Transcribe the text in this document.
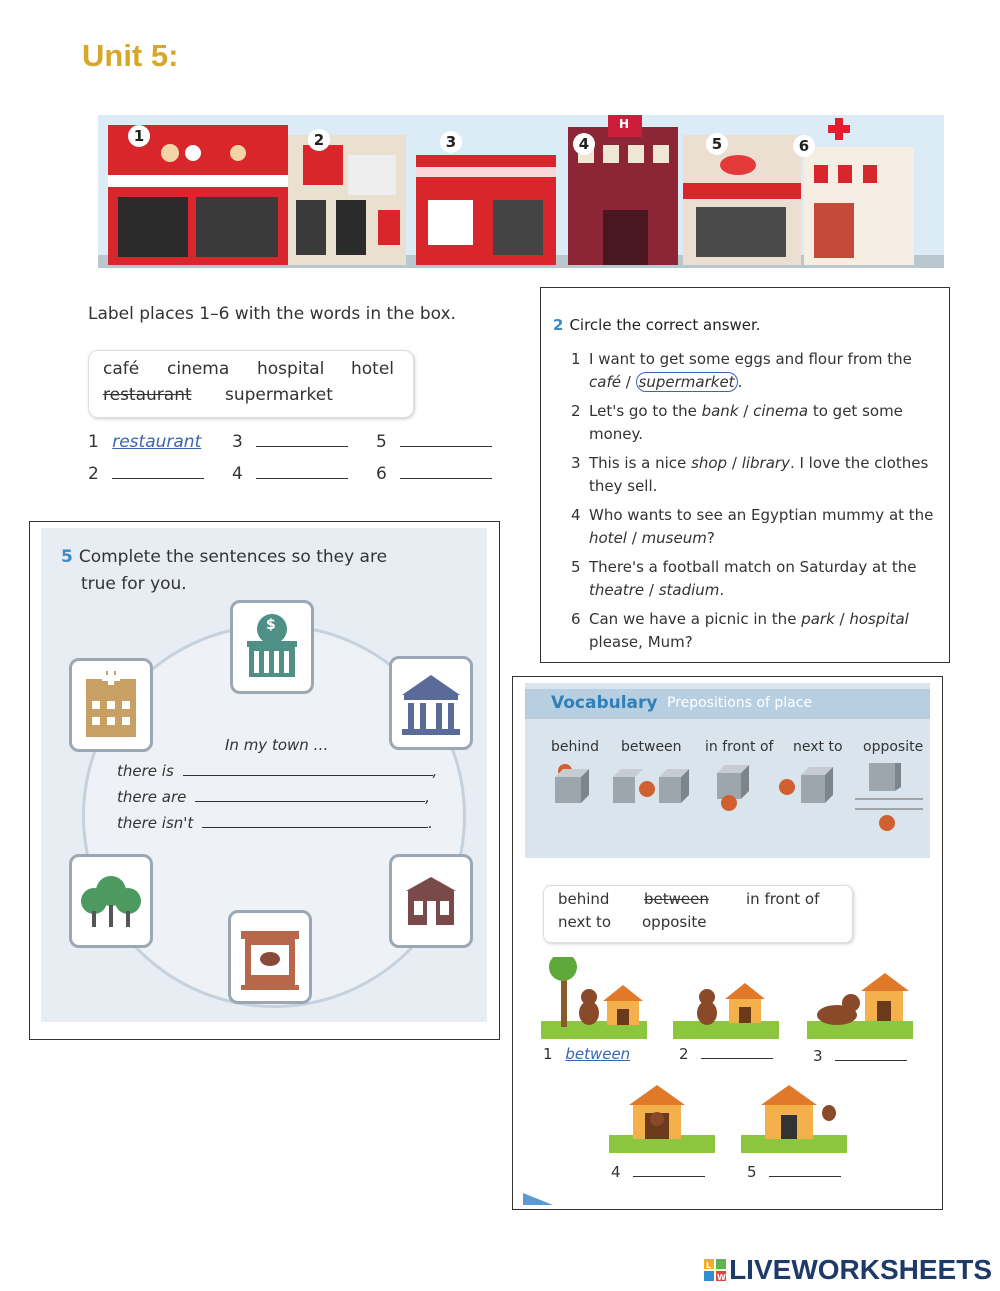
Unit 5:
1	2	3	4	5	6
H
Label places 1–6 with the words in the box.
café cinema hospital hotel
restaurant supermarket
1 restaurant 3	5
2	4	6
2 Circle the correct answer.
1 I want to get some eggs and flour from the café / supermarket .
2 Let's go to the bank / cinema to get some money.
3 This is a nice shop / library. I love the clothes they sell.
4 Who wants to see an Egyptian mummy at the hotel / museum?
5 There's a football match on Saturday at the theatre / stadium.
6 Can we have a picnic in the park / hospital please, Mum?
5 Complete the sentences so they are
true for you.
$
In my town …
there is	,
there are	,
there isn't	.
Vocabulary Prepositions of place
behind between in front of next to opposite
behind between in front of
next to opposite
1 between	2	3
4	5
L
W LIVEWORKSHEETS
